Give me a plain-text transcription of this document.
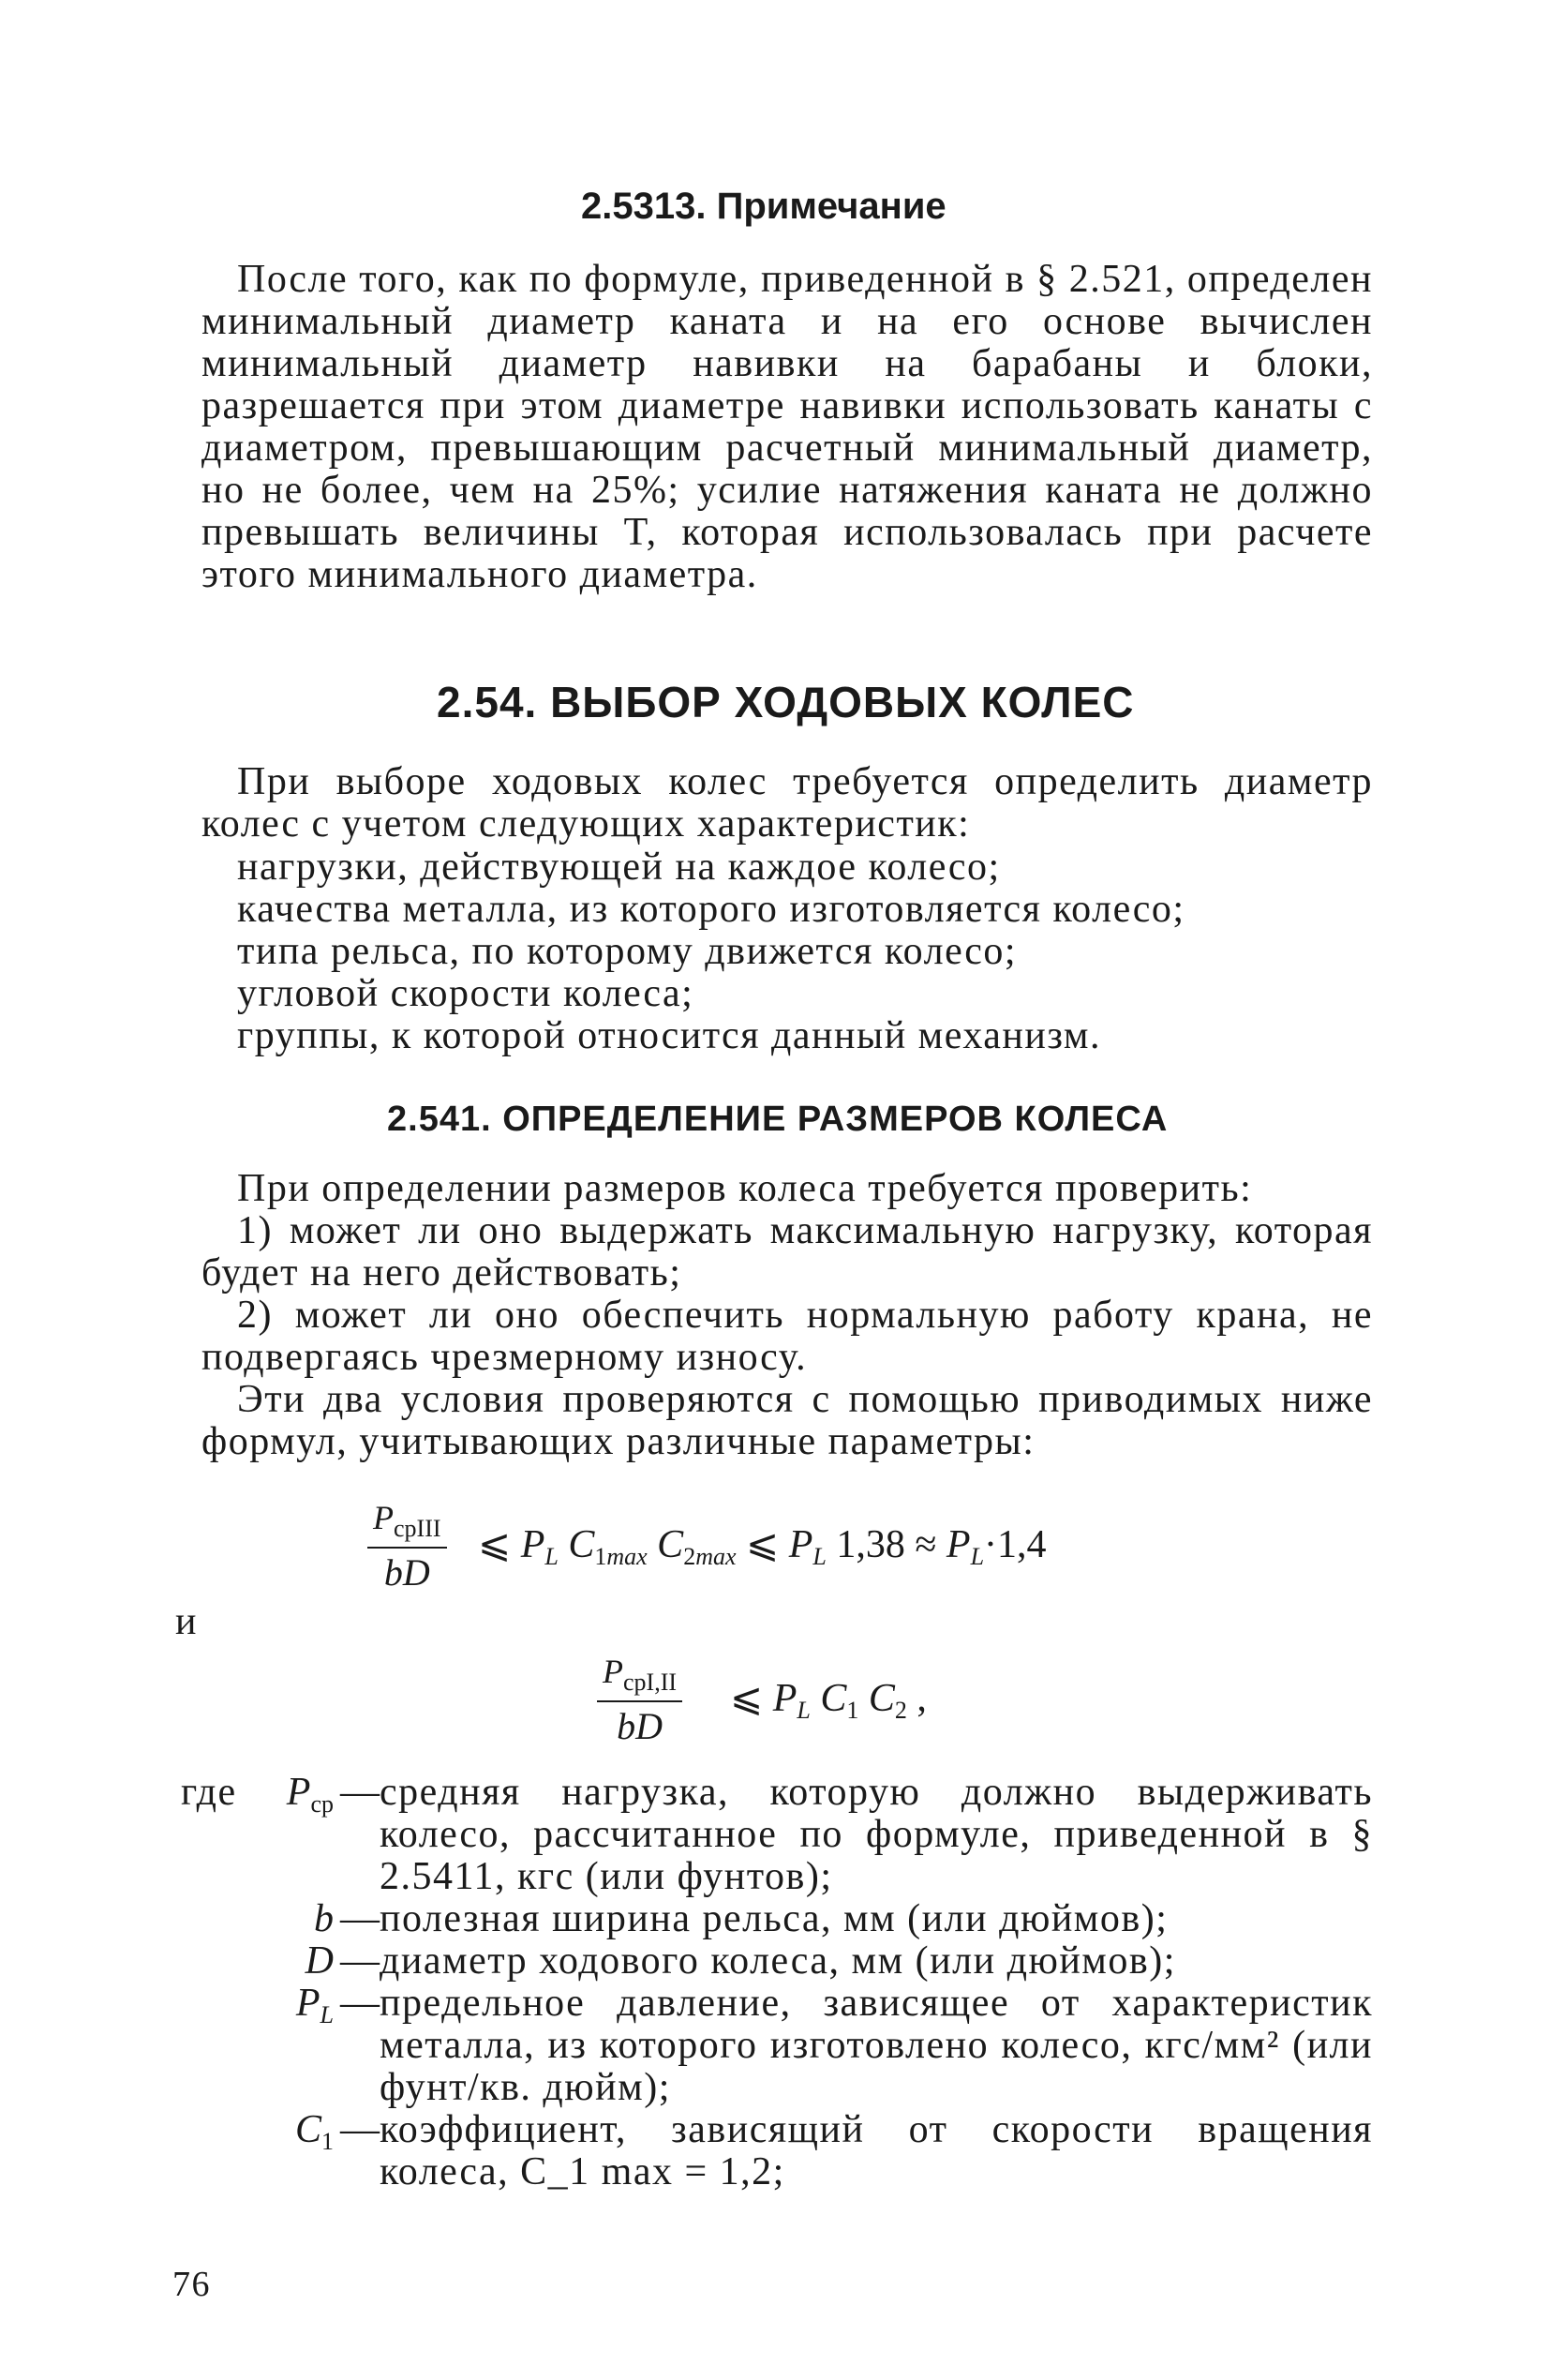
2.5313. Примечание

После того, как по формуле, приведенной в § 2.521, определен минимальный диаметр каната и на его основе вычислен минимальный диаметр навивки на барабаны и блоки, разрешается при этом диаметре навивки использовать канаты с диаметром, превышающим расчетный минимальный диаметр, но не более, чем на 25%; усилие натяжения каната не должно превышать величины T, которая использовалась при расчете этого минимального диаметра.

2.54. ВЫБОР ХОДОВЫХ КОЛЕС

При выборе ходовых колес требуется определить диаметр колес с учетом следующих характеристик:

нагрузки, действующей на каждое колесо;
качества металла, из которого изготовляется колесо;
типа рельса, по которому движется колесо;
угловой скорости колеса;
группы, к которой относится данный механизм.
2.541. ОПРЕДЕЛЕНИЕ РАЗМЕРОВ КОЛЕСА

При определении размеров колеса требуется проверить:

1) может ли оно выдержать максимальную нагрузку, которая будет на него действовать;

2) может ли оно обеспечить нормальную работу крана, не подвергаясь чрезмерному износу.

Эти два условия проверяются с помощью приводимых ниже формул, учитывающих различные параметры:

$P_{срIII}$
bD
⩽ $P_L$ $C_{1max}$ $C_{2max}$ ⩽ $P_L$ $1,38 \approx P_L\cdot 1,4$
и
$P_{срI,II}$
bD
⩽ $P_L$ $C_1$ $C_2$ ,
где	$P_{ср}$ — средняя нагрузка, которую должно выдерживать колесо, рассчитанное по формуле, приведенной в § 2.5411, кгс (или фунтов);
b — полезная ширина рельса, мм (или дюймов);
D — диаметр ходового колеса, мм (или дюймов);
$P_L$ — предельное давление, зависящее от характеристик металла, из которого изготовлено колесо, кгс/мм² (или фунт/кв. дюйм);
$C_1$ — коэффициент, зависящий от скорости вращения колеса, C_1 max = 1,2;
76
